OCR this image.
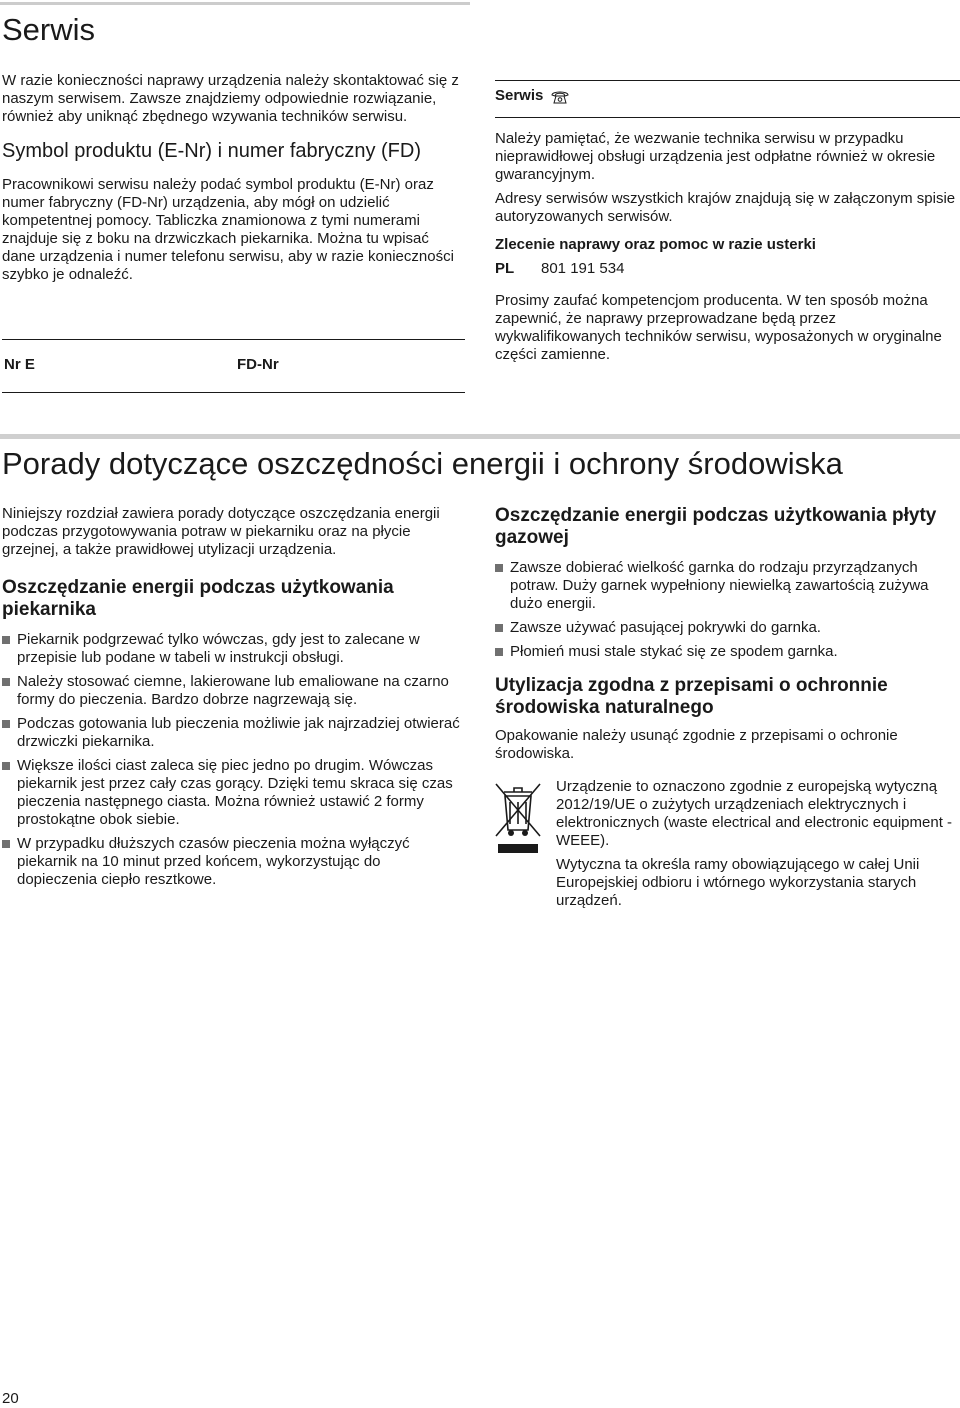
Serwis

W razie konieczności naprawy urządzenia należy skontaktować się z naszym serwisem. Zawsze znajdziemy odpowiednie rozwiązanie, również aby uniknąć zbędnego wzywania techników serwisu.

Symbol produktu (E-Nr) i numer fabryczny (FD)

Pracownikowi serwisu należy podać symbol produktu (E-Nr) oraz numer fabryczny (FD-Nr) urządzenia, aby mógł on udzielić kompetentnej pomocy. Tabliczka znamionowa z tymi numerami znajduje się z boku na drzwiczkach piekarnika. Można tu wpisać dane urządzenia i numer telefonu serwisu, aby w razie konieczności szybko je odnaleźć.

Nr E	FD-Nr
Serwis

Należy pamiętać, że wezwanie technika serwisu w przypadku nieprawidłowej obsługi urządzenia jest odpłatne również w okresie gwarancyjnym.

Adresy serwisów wszystkich krajów znajdują się w załączonym spisie autoryzowanych serwisów.

Zlecenie naprawy oraz pomoc w razie usterki

PL	801 191 534

Prosimy zaufać kompetencjom producenta. W ten sposób można zapewnić, że naprawy przeprowadzane będą przez wykwalifikowanych techników serwisu, wyposażonych w oryginalne części zamienne.

Porady dotyczące oszczędności energii i ochrony środowiska

Niniejszy rozdział zawiera porady dotyczące oszczędzania energii podczas przygotowywania potraw w piekarniku oraz na płycie grzejnej, a także prawidłowej utylizacji urządzenia.

Oszczędzanie energii podczas użytkowania piekarnika
Piekarnik podgrzewać tylko wówczas, gdy jest to zalecane w przepisie lub podane w tabeli w instrukcji obsługi.
Należy stosować ciemne, lakierowane lub emaliowane na czarno formy do pieczenia. Bardzo dobrze nagrzewają się.
Podczas gotowania lub pieczenia możliwie jak najrzadziej otwierać drzwiczki piekarnika.
Większe ilości ciast zaleca się piec jedno po drugim. Wówczas piekarnik jest przez cały czas gorący. Dzięki temu skraca się czas pieczenia następnego ciasta. Można również ustawić 2 formy prostokątne obok siebie.
W przypadku dłuższych czasów pieczenia można wyłączyć piekarnik na 10 minut przed końcem, wykorzystując do dopieczenia ciepło resztkowe.
Oszczędzanie energii podczas użytkowania płyty gazowej
Zawsze dobierać wielkość garnka do rodzaju przyrządzanych potraw. Duży garnek wypełniony niewielką zawartością zużywa dużo energii.
Zawsze używać pasującej pokrywki do garnka.
Płomień musi stale stykać się ze spodem garnka.
Utylizacja zgodna z przepisami o ochronnie środowiska naturalnego

Opakowanie należy usunąć zgodnie z przepisami o ochronie środowiska.

Urządzenie to oznaczono zgodnie z europejską wytyczną 2012/19/UE o zużytych urządzeniach elektrycznych i elektronicznych (waste electrical and electronic equipment - WEEE).

Wytyczna ta określa ramy obowiązującego w całej Unii Europejskiej odbioru i wtórnego wykorzystania starych urządzeń.

20
